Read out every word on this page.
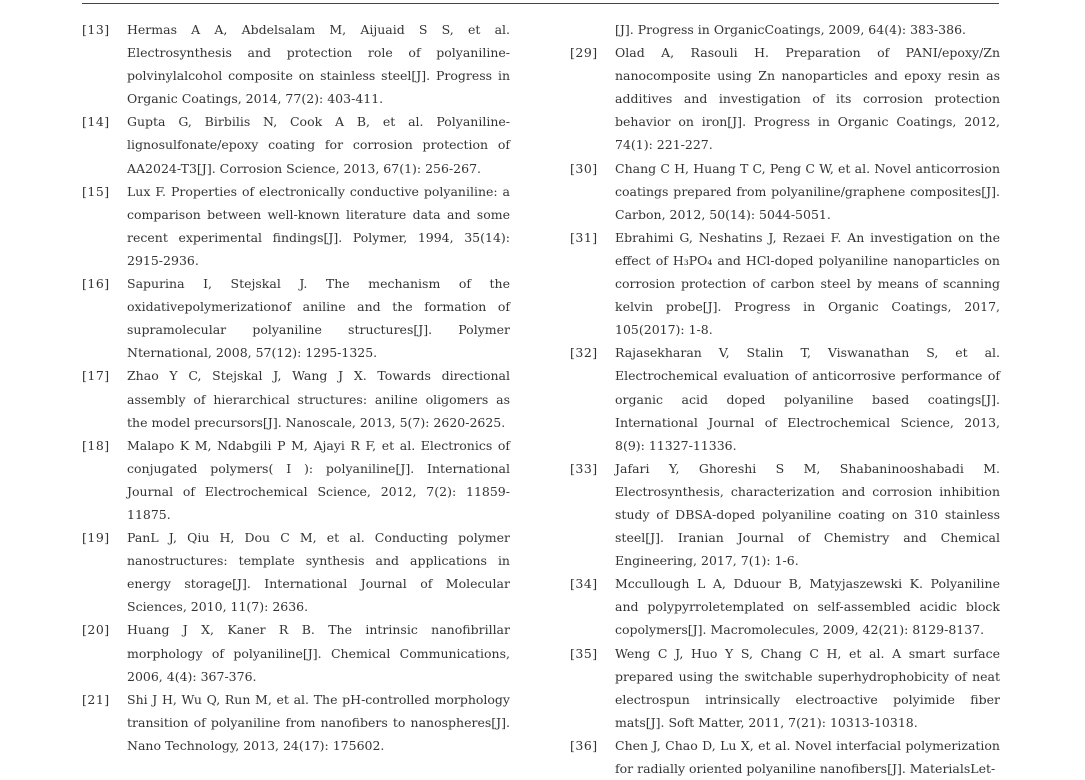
[13] Hermas A A, Abdelsalam M, Aijuaid S S, et al. Electrosynthesis and protection role of polyaniline-polvinylalcohol composite on stainless steel[J]. Progress in Organic Coatings, 2014, 77(2): 403-411.
[14] Gupta G, Birbilis N, Cook A B, et al. Polyaniline-lignosulfonate/epoxy coating for corrosion protection of AA2024-T3[J]. Corrosion Science, 2013, 67(1): 256-267.
[15] Lux F. Properties of electronically conductive polyaniline: a comparison between well-known literature data and some recent experimental findings[J]. Polymer, 1994, 35(14): 2915-2936.
[16] Sapurina I, Stejskal J. The mechanism of the oxidativepolymerizationof aniline and the formation of supramolecular polyaniline structures[J]. Polymer Nternational, 2008, 57(12): 1295-1325.
[17] Zhao Y C, Stejskal J, Wang J X. Towards directional assembly of hierarchical structures: aniline oligomers as the model precursors[J]. Nanoscale, 2013, 5(7): 2620-2625.
[18] Malapo K M, Ndabgili P M, Ajayi R F, et al. Electronics of conjugated polymers( I ): polyaniline[J]. International Journal of Electrochemical Science, 2012, 7(2): 11859-11875.
[19] PanL J, Qiu H, Dou C M, et al. Conducting polymer nanostructures: template synthesis and applications in energy storage[J]. International Journal of Molecular Sciences, 2010, 11(7): 2636.
[20] Huang J X, Kaner R B. The intrinsic nanofibrillar morphology of polyaniline[J]. Chemical Communications, 2006, 4(4): 367-376.
[21] Shi J H, Wu Q, Run M, et al. The pH-controlled morphology transition of polyaniline from nanofibers to nanospheres[J]. Nano Technology, 2013, 24(17): 175602.
[J]. Progress in OrganicCoatings, 2009, 64(4): 383-386.
[29] Olad A, Rasouli H. Preparation of PANI/epoxy/Zn nanocomposite using Zn nanoparticles and epoxy resin as additives and investigation of its corrosion protection behavior on iron[J]. Progress in Organic Coatings, 2012, 74(1): 221-227.
[30] Chang C H, Huang T C, Peng C W, et al. Novel anticorrosion coatings prepared from polyaniline/graphene composites[J]. Carbon, 2012, 50(14): 5044-5051.
[31] Ebrahimi G, Neshatins J, Rezaei F. An investigation on the effect of H₃PO₄ and HCl-doped polyaniline nanoparticles on corrosion protection of carbon steel by means of scanning kelvin probe[J]. Progress in Organic Coatings, 2017, 105(2017): 1-8.
[32] Rajasekharan V, Stalin T, Viswanathan S, et al. Electrochemical evaluation of anticorrosive performance of organic acid doped polyaniline based coatings[J]. International Journal of Electrochemical Science, 2013, 8(9): 11327-11336.
[33] Jafari Y, Ghoreshi S M, Shabaninooshabadi M. Electrosynthesis, characterization and corrosion inhibition study of DBSA-doped polyaniline coating on 310 stainless steel[J]. Iranian Journal of Chemistry and Chemical Engineering, 2017, 7(1): 1-6.
[34] Mccullough L A, Dduour B, Matyjaszewski K. Polyaniline and polypyrroletemplated on self-assembled acidic block copolymers[J]. Macromolecules, 2009, 42(21): 8129-8137.
[35] Weng C J, Huo Y S, Chang C H, et al. A smart surface prepared using the switchable superhydrophobicity of neat electrospun intrinsically electroactive polyimide fiber mats[J]. Soft Matter, 2011, 7(21): 10313-10318.
[36] Chen J, Chao D, Lu X, et al. Novel interfacial polymerization for radially oriented polyaniline nanofibers[J]. MaterialsLet-
